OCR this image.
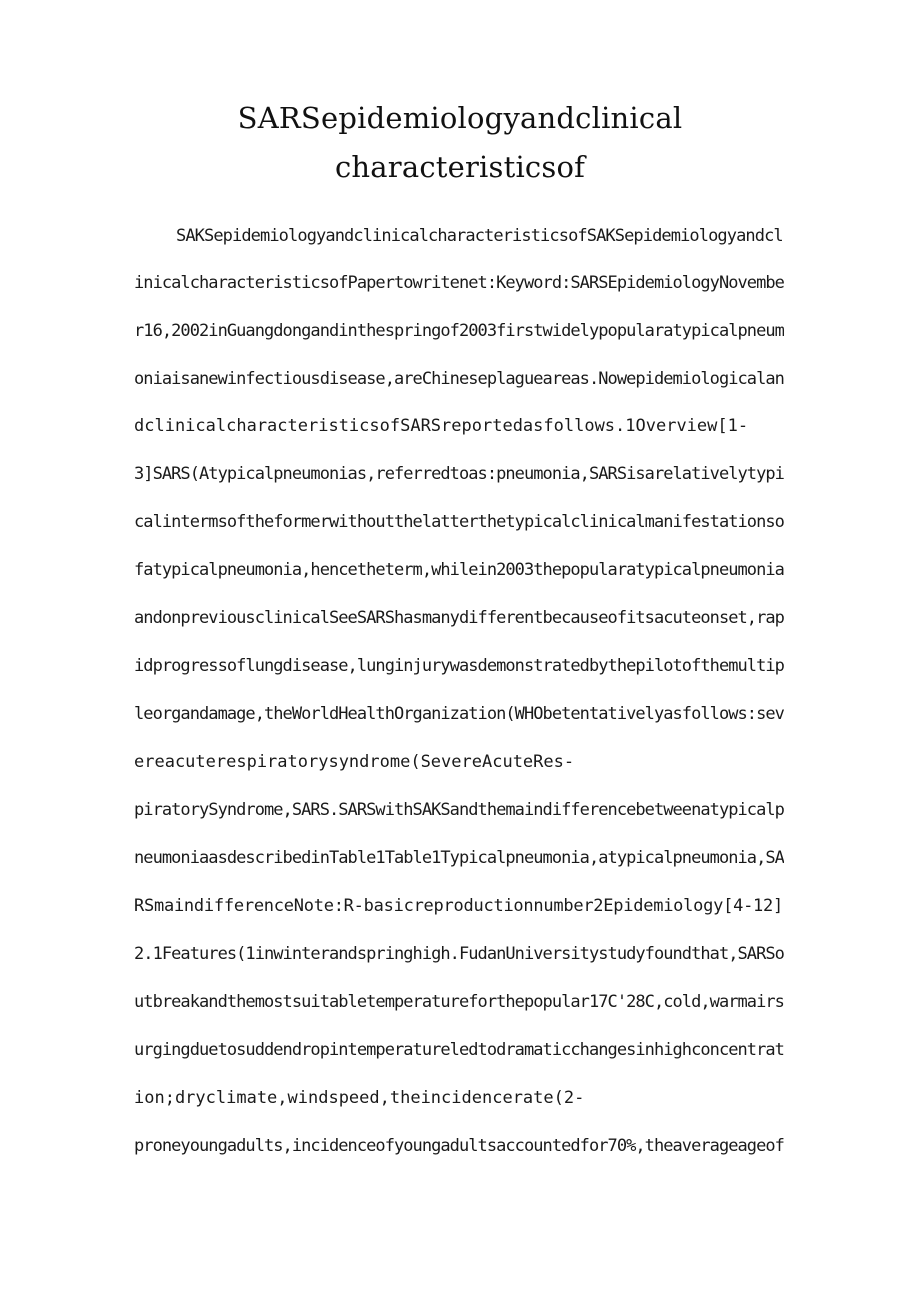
SARSepidemiologyandclinical
characteristicsof
SAKSepidemiologyandclinicalcharacteristicsofSAKSepidemiologyandcl
inicalcharacteristicsofPapertowritenet:Keyword:SARSEpidemiologyNovembe
r16,2002inGuangdongandinthespringof2003firstwidelypopularatypicalpneum
oniaisanewinfectiousdisease,areChineseplagueareas.Nowepidemiologicalan
dclinicalcharacteristicsofSARSreportedasfollows.1Overview[1-
3]SARS(Atypicalpneumonias,referredtoas:pneumonia,SARSisarelativelytypi
calintermsoftheformerwithoutthelatterthetypicalclinicalmanifestationso
fatypicalpneumonia,hencetheterm,whilein2003thepopularatypicalpneumonia
andonpreviousclinicalSeeSARShasmanydifferentbecauseofitsacuteonset,rap
idprogressoflungdisease,lunginjurywasdemonstratedbythepilotofthemultip
leorgandamage,theWorldHealthOrganization(WHObetentativelyasfollows:sev
ereacuterespiratorysyndrome(SevereAcuteRes-
piratorySyndrome,SARS.SARSwithSAKSandthemaindifferencebetweenatypicalp
neumoniaasdescribedinTable1Table1Typicalpneumonia,atypicalpneumonia,SA
RSmaindifferenceNote:R-basicreproductionnumber2Epidemiology[4-12]
2.1Features(1inwinterandspringhigh.FudanUniversitystudyfoundthat,SARSo
utbreakandthemostsuitabletemperatureforthepopular17C'28C,cold,warmairs
urgingduetosuddendropintemperatureledtodramaticchangesinhighconcentrat
ion;dryclimate,windspeed,theincidencerate(2-
proneyoungadults,incidenceofyoungadultsaccountedfor70%,theaverageageof
